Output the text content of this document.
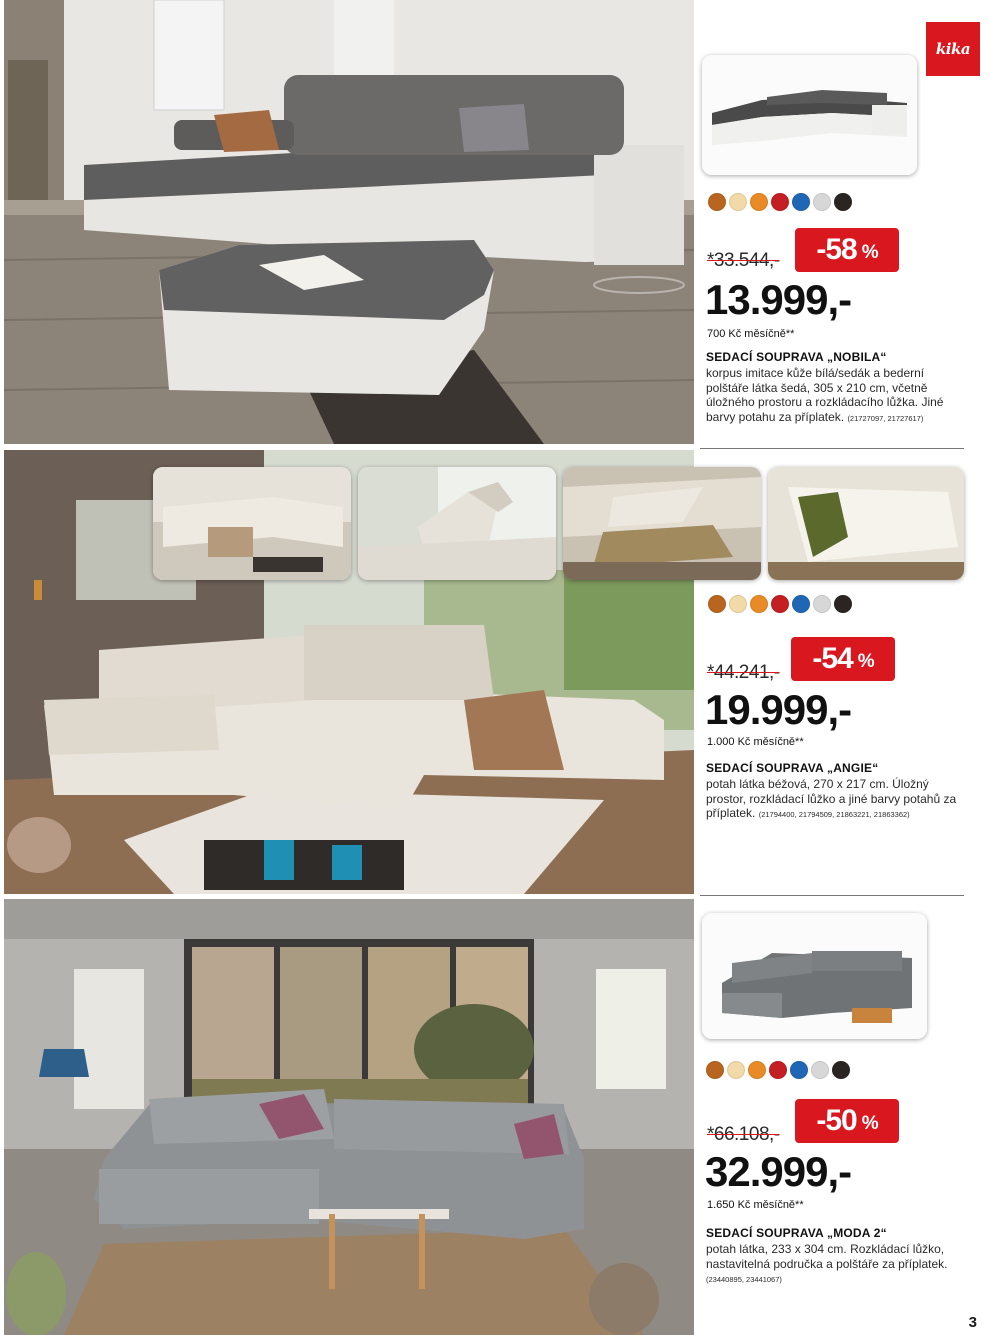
kika
*33.544,- -58 %
13.999,-
700 Kč měsíčně**
SEDACÍ SOUPRAVA „NOBILA“
korpus imitace kůže bílá/sedák a bederní polštáře látka šedá, 305 x 210 cm, včetně úložného prostoru a rozkládacího lůžka. Jiné barvy potahu za příplatek. (21727097, 21727617)
*44.241,- -54 %
19.999,-
1.000 Kč měsíčně**
SEDACÍ SOUPRAVA „ANGIE“
potah látka béžová, 270 x 217 cm. Úložný prostor, rozkládací lůžko a jiné barvy potahů za příplatek. (21794400, 21794509, 21863221, 21863362)
*66.108,- -50 %
32.999,-
1.650 Kč měsíčně**
SEDACÍ SOUPRAVA „MODA 2“
potah látka, 233 x 304 cm. Rozkládací lůžko, nastavitelná područka a polštáře za příplatek. (23440895, 23441067)
3
